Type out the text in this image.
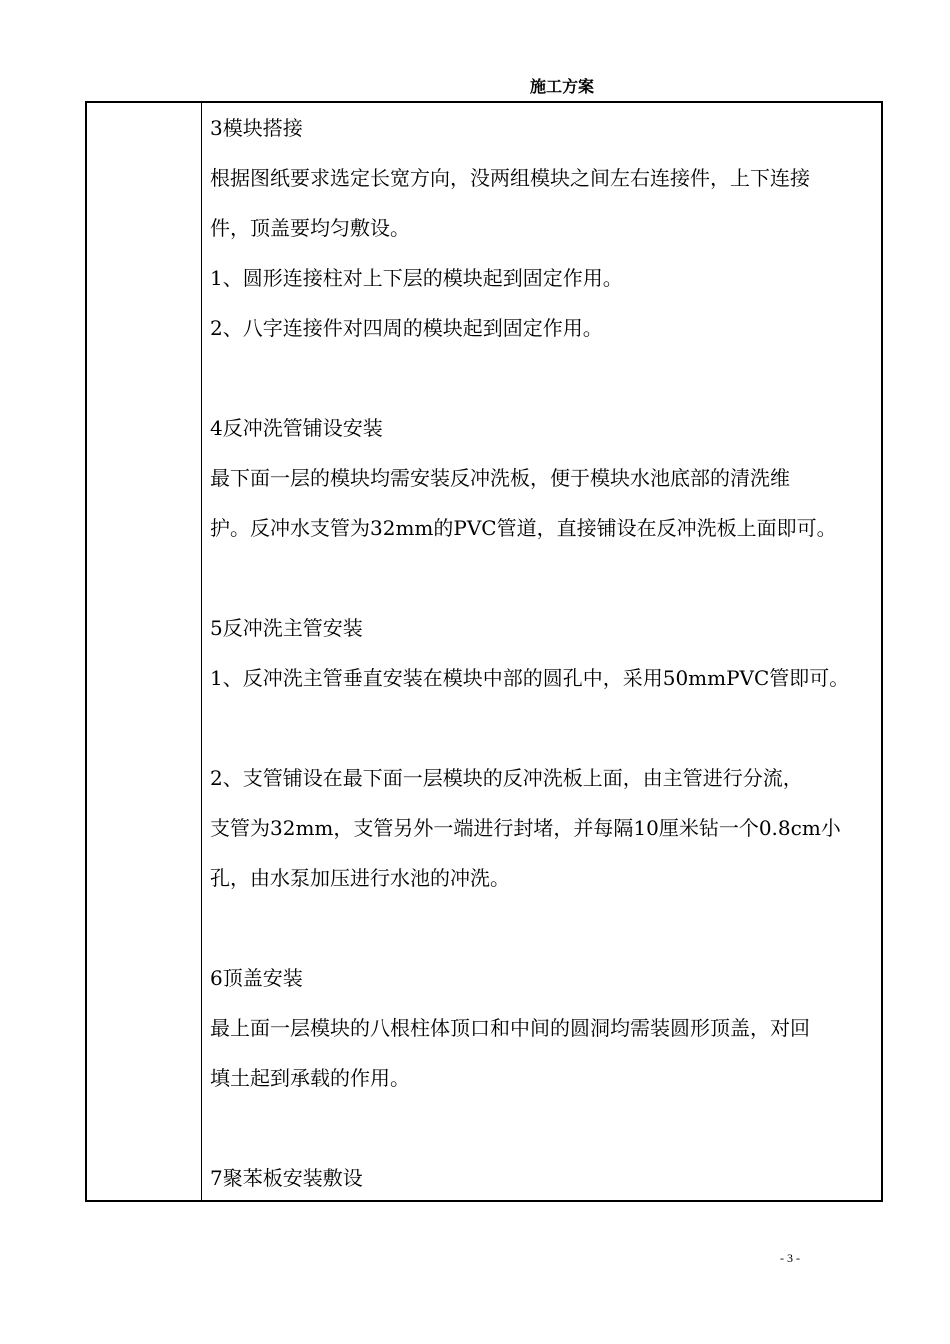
施工方案
3模块搭接
根据图纸要求选定长宽方向，没两组模块之间左右连接件，上下连接
件，顶盖要均匀敷设。
1、圆形连接柱对上下层的模块起到固定作用。
2、八字连接件对四周的模块起到固定作用。
4反冲洗管铺设安装
最下面一层的模块均需安装反冲洗板，便于模块水池底部的清洗维
护。反冲水支管为32mm的PVC管道，直接铺设在反冲洗板上面即可。
5反冲洗主管安装
1、反冲洗主管垂直安装在模块中部的圆孔中，采用50mmPVC管即可。
2、支管铺设在最下面一层模块的反冲洗板上面，由主管进行分流，
支管为32mm，支管另外一端进行封堵，并每隔10厘米钻一个0.8cm小
孔，由水泵加压进行水池的冲洗。
6顶盖安装
最上面一层模块的八根柱体顶口和中间的圆洞均需装圆形顶盖，对回
填土起到承载的作用。
7聚苯板安装敷设
- 3 -
